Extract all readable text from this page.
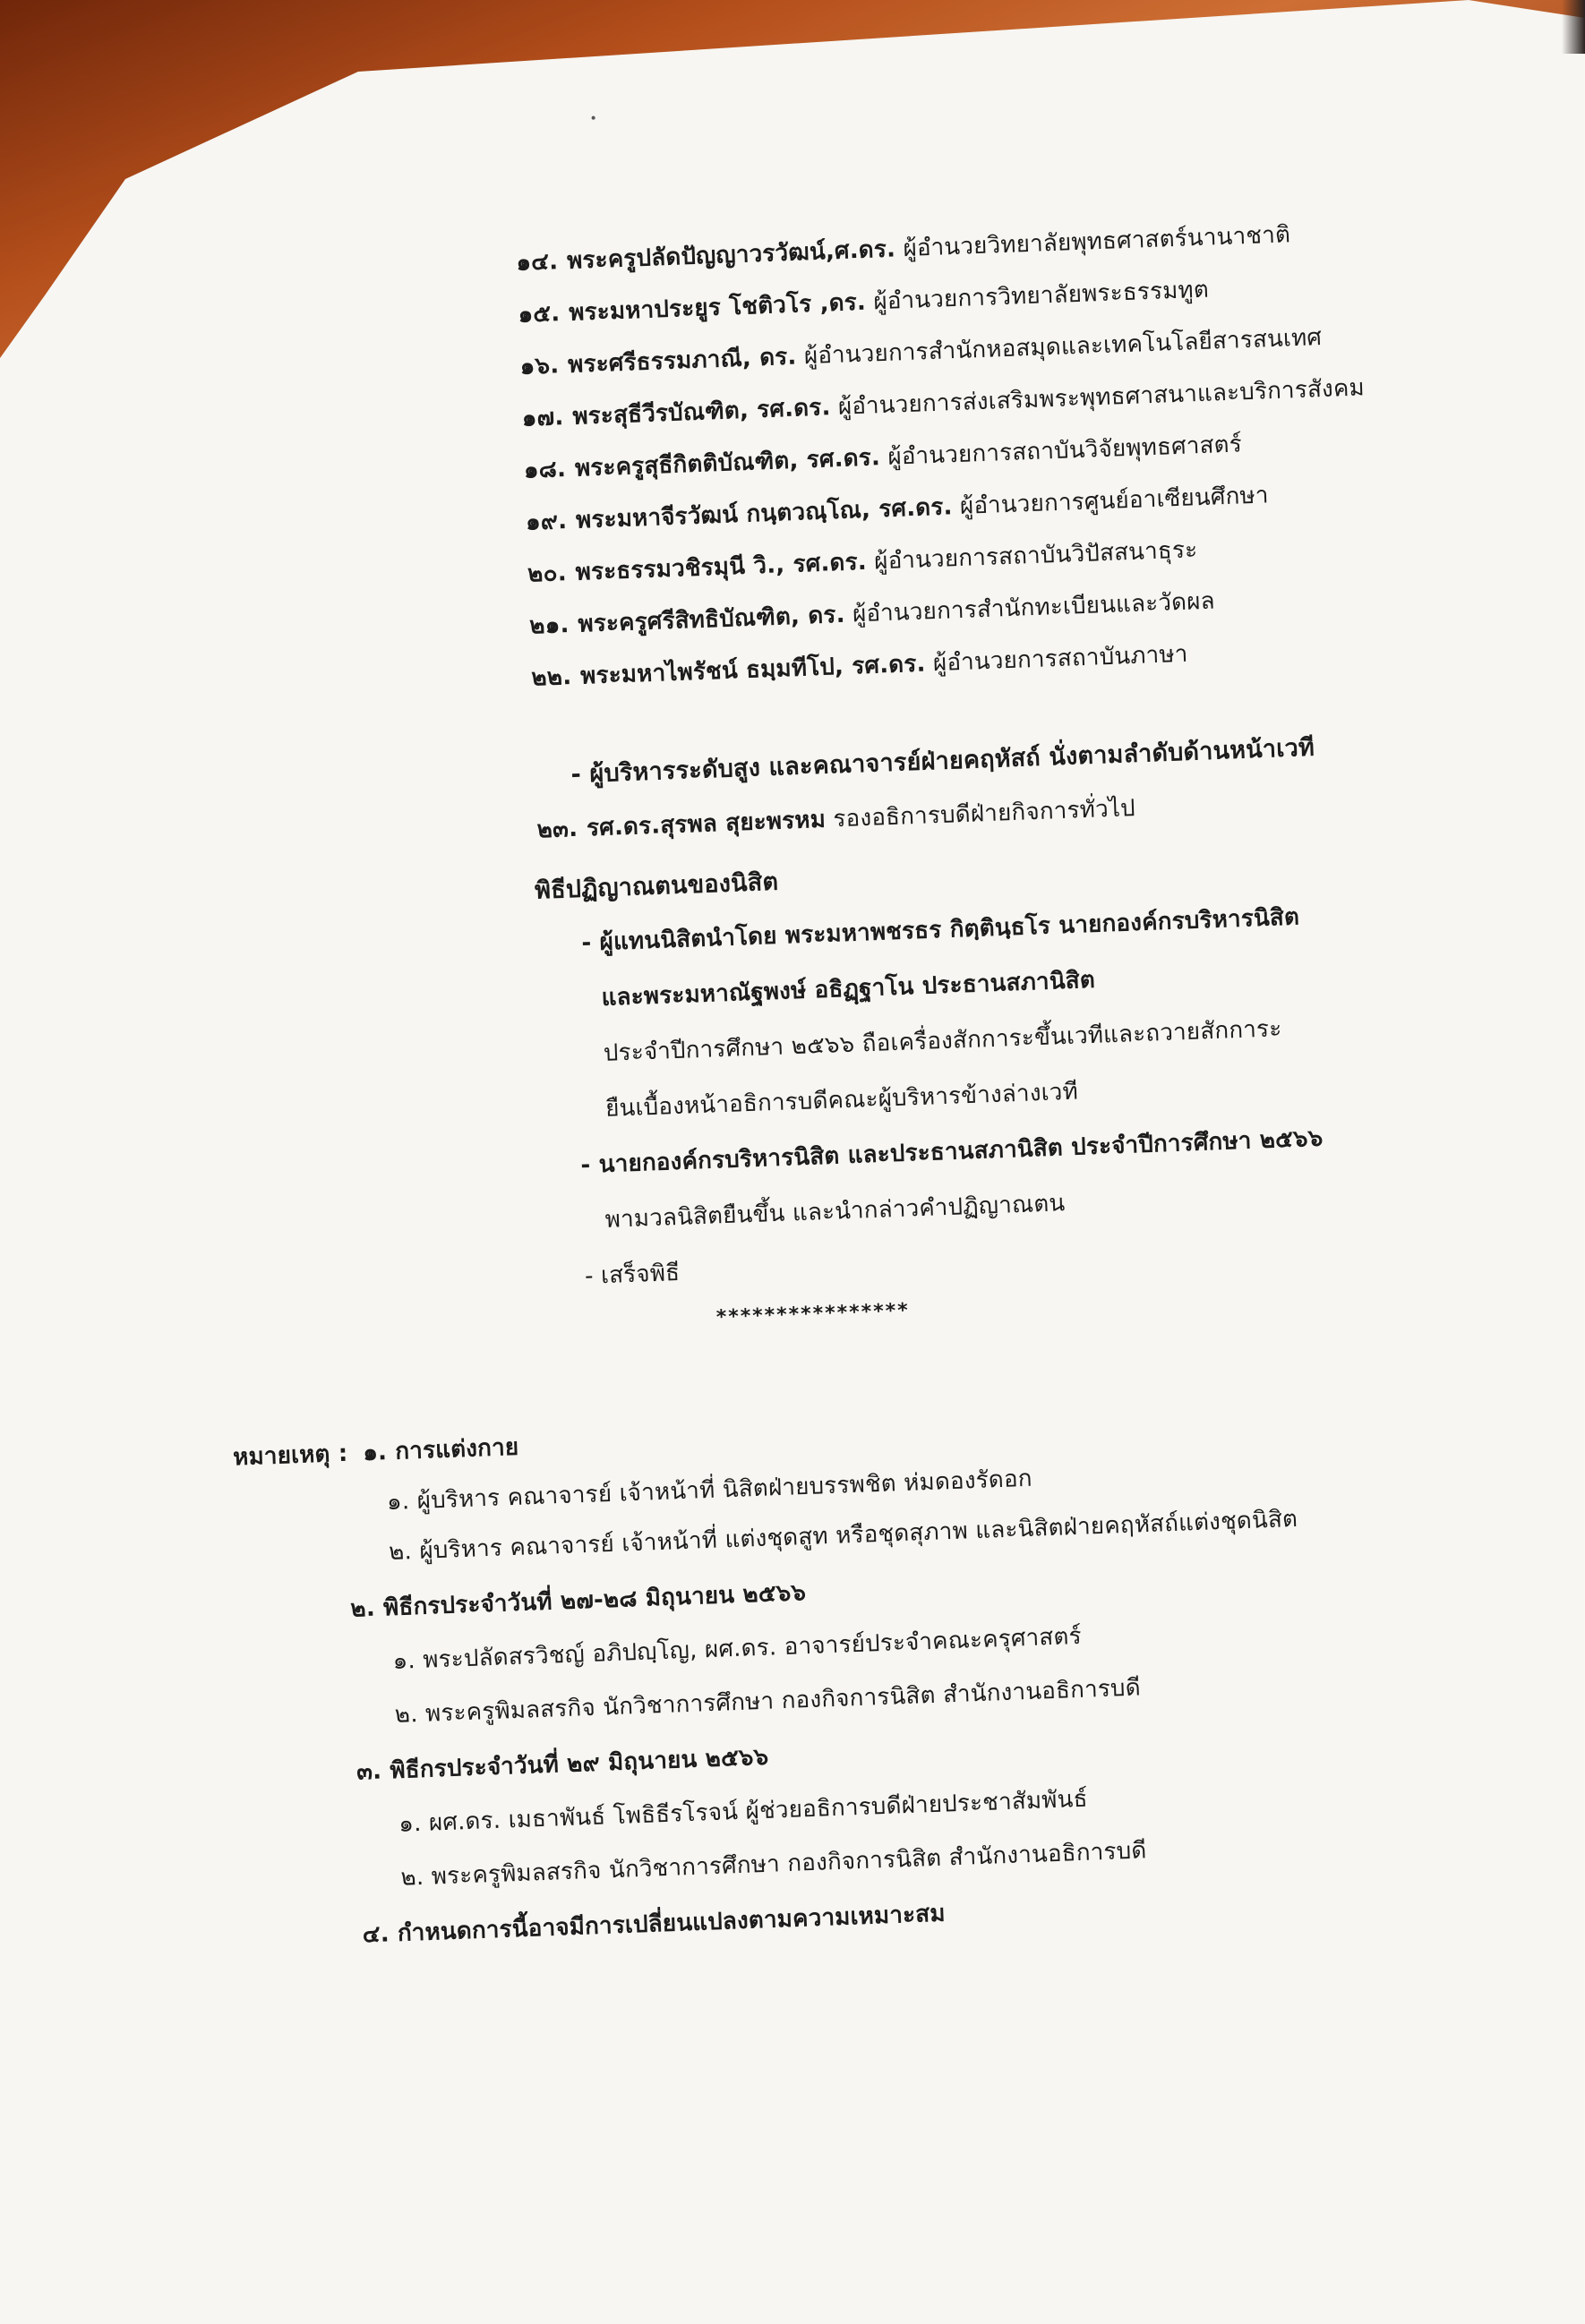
๑๔. พระครูปลัดปัญญาวรวัฒน์,ศ.ดร. ผู้อำนวยวิทยาลัยพุทธศาสตร์นานาชาติ
๑๕. พระมหาประยูร โชติวโร ,ดร. ผู้อำนวยการวิทยาลัยพระธรรมทูต
๑๖. พระศรีธรรมภาณี, ดร. ผู้อำนวยการสำนักหอสมุดและเทคโนโลยีสารสนเทศ
๑๗. พระสุธีวีรบัณฑิต, รศ.ดร. ผู้อำนวยการส่งเสริมพระพุทธศาสนาและบริการสังคม
๑๘. พระครูสุธีกิตติบัณฑิต, รศ.ดร. ผู้อำนวยการสถาบันวิจัยพุทธศาสตร์
๑๙. พระมหาจีรวัฒน์ กนฺตวณฺโณ, รศ.ดร. ผู้อำนวยการศูนย์อาเซียนศึกษา
๒๐. พระธรรมวชิรมุนี วิ., รศ.ดร. ผู้อำนวยการสถาบันวิปัสสนาธุระ
๒๑. พระครูศรีสิทธิบัณฑิต, ดร. ผู้อำนวยการสำนักทะเบียนและวัดผล
๒๒. พระมหาไพรัชน์ ธมฺมทีโป, รศ.ดร. ผู้อำนวยการสถาบันภาษา
- ผู้บริหารระดับสูง และคณาจารย์ฝ่ายคฤหัสถ์ นั่งตามลำดับด้านหน้าเวที
๒๓. รศ.ดร.สุรพล สุยะพรหม รองอธิการบดีฝ่ายกิจการทั่วไป
พิธีปฏิญาณตนของนิสิต
- ผู้แทนนิสิตนำโดย พระมหาพชรธร กิตฺตินฺธโร นายกองค์กรบริหารนิสิต
และพระมหาณัฐพงษ์ อธิฏฺฐาโน ประธานสภานิสิต
ประจำปีการศึกษา ๒๕๖๖ ถือเครื่องสักการะขึ้นเวทีและถวายสักการะ
ยืนเบื้องหน้าอธิการบดีคณะผู้บริหารข้างล่างเวที
- นายกองค์กรบริหารนิสิต และประธานสภานิสิต ประจำปีการศึกษา ๒๕๖๖
พามวลนิสิตยืนขึ้น และนำกล่าวคำปฏิญาณตน
- เสร็จพิธี
****************
หมายเหตุ : ๑. การแต่งกาย
๑. ผู้บริหาร คณาจารย์ เจ้าหน้าที่ นิสิตฝ่ายบรรพชิต ห่มดองรัดอก
๒. ผู้บริหาร คณาจารย์ เจ้าหน้าที่ แต่งชุดสูท หรือชุดสุภาพ และนิสิตฝ่ายคฤหัสถ์แต่งชุดนิสิต
๒. พิธีกรประจำวันที่ ๒๗-๒๘ มิถุนายน ๒๕๖๖
๑. พระปลัดสรวิชญ์ อภิปญฺโญ, ผศ.ดร. อาจารย์ประจำคณะครุศาสตร์
๒. พระครูพิมลสรกิจ นักวิชาการศึกษา กองกิจการนิสิต สำนักงานอธิการบดี
๓. พิธีกรประจำวันที่ ๒๙ มิถุนายน ๒๕๖๖
๑. ผศ.ดร. เมธาพันธ์ โพธิธีรโรจน์ ผู้ช่วยอธิการบดีฝ่ายประชาสัมพันธ์
๒. พระครูพิมลสรกิจ นักวิชาการศึกษา กองกิจการนิสิต สำนักงานอธิการบดี
๔. กำหนดการนี้อาจมีการเปลี่ยนแปลงตามความเหมาะสม
